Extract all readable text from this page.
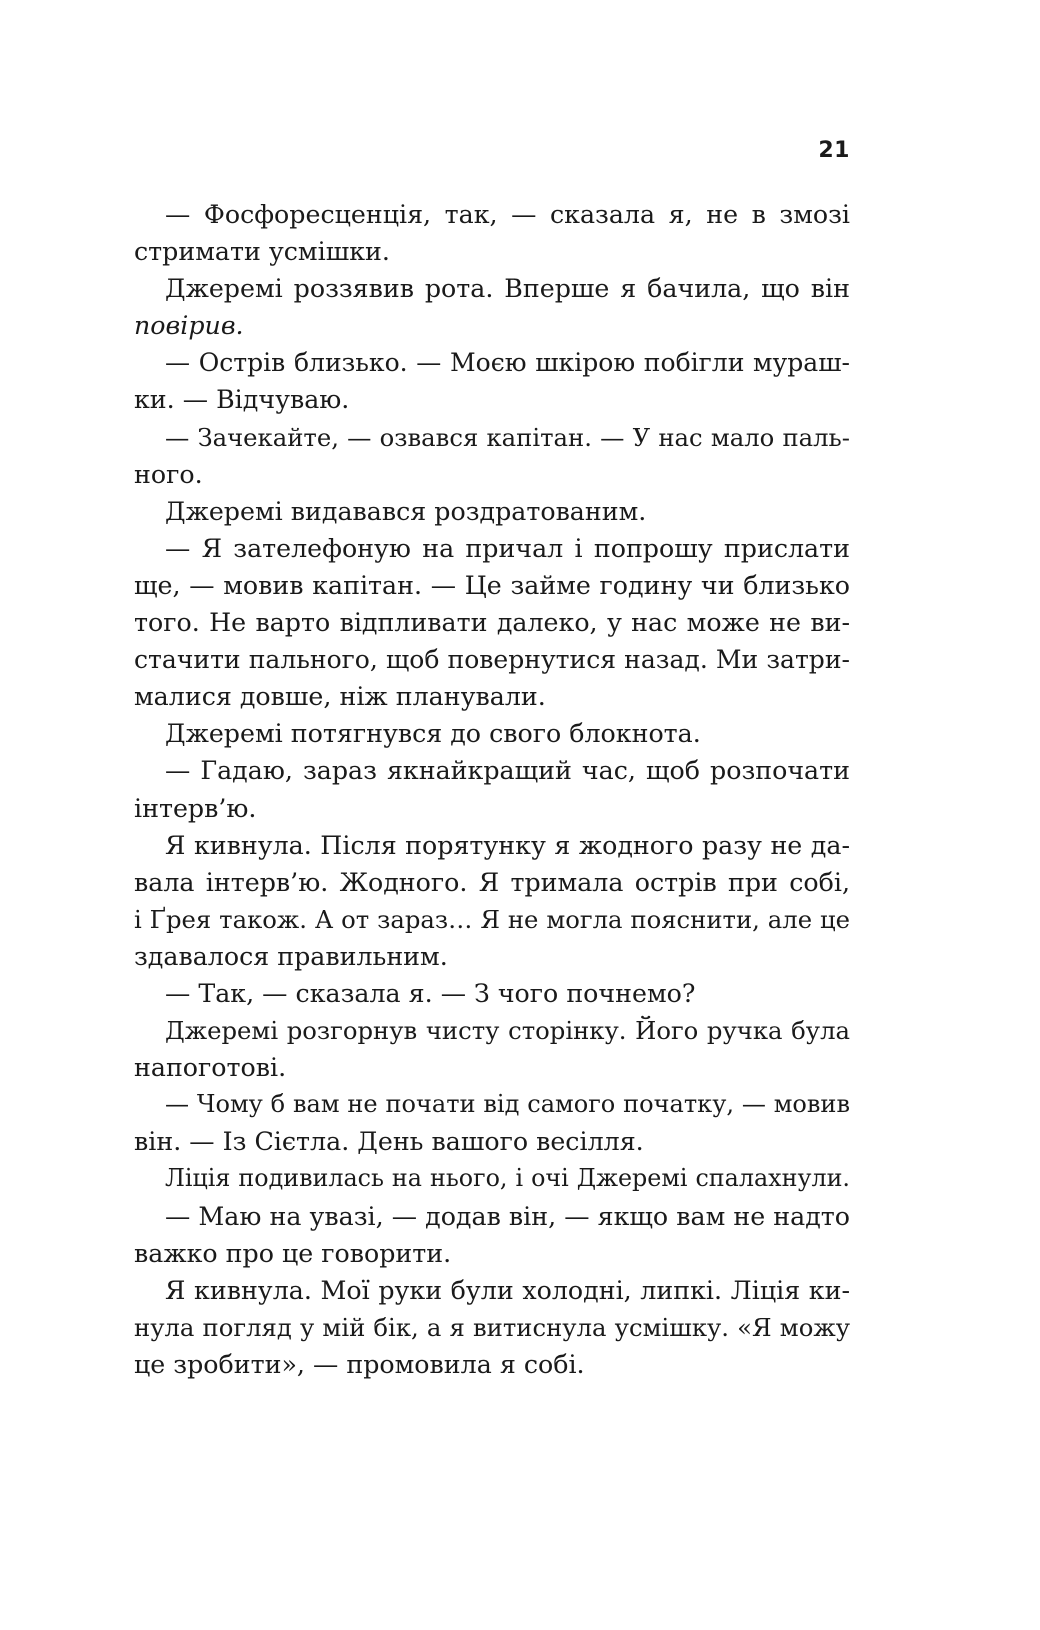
21
— Фосфоресценція, так, — сказала я, не в змозі
стримати усмішки.
Джеремі роззявив рота. Вперше я бачила, що він
повірив.
— Острів близько. — Моєю шкірою побігли мураш-
ки. — Відчуваю.
— Зачекайте, — озвався капітан. — У нас мало паль-
ного.
Джеремі видавався роздратованим.
— Я зателефоную на причал і попрошу прислати
ще, — мовив капітан. — Це займе годину чи близько
того. Не варто відпливати далеко, у нас може не ви-
стачити пального, щоб повернутися назад. Ми затри-
малися довше, ніж планували.
Джеремі потягнувся до свого блокнота.
— Гадаю, зараз якнайкращий час, щоб розпочати
інтерв’ю.
Я кивнула. Після порятунку я жодного разу не да-
вала інтерв’ю. Жодного. Я тримала острів при собі,
і Ґрея також. А от зараз… Я не могла пояснити, але це
здавалося правильним.
— Так, — сказала я. — З чого почнемо?
Джеремі розгорнув чисту сторінку. Його ручка була
напоготові.
— Чому б вам не почати від самого початку, — мовив
він. — Із Сієтла. День вашого весілля.
Ліція подивилась на нього, і очі Джеремі спалахнули.
— Маю на увазі, — додав він, — якщо вам не надто
важко про це говорити.
Я кивнула. Мої руки були холодні, липкі. Ліція ки-
нула погляд у мій бік, а я витиснула усмішку. «Я можу
це зробити», — промовила я собі.
